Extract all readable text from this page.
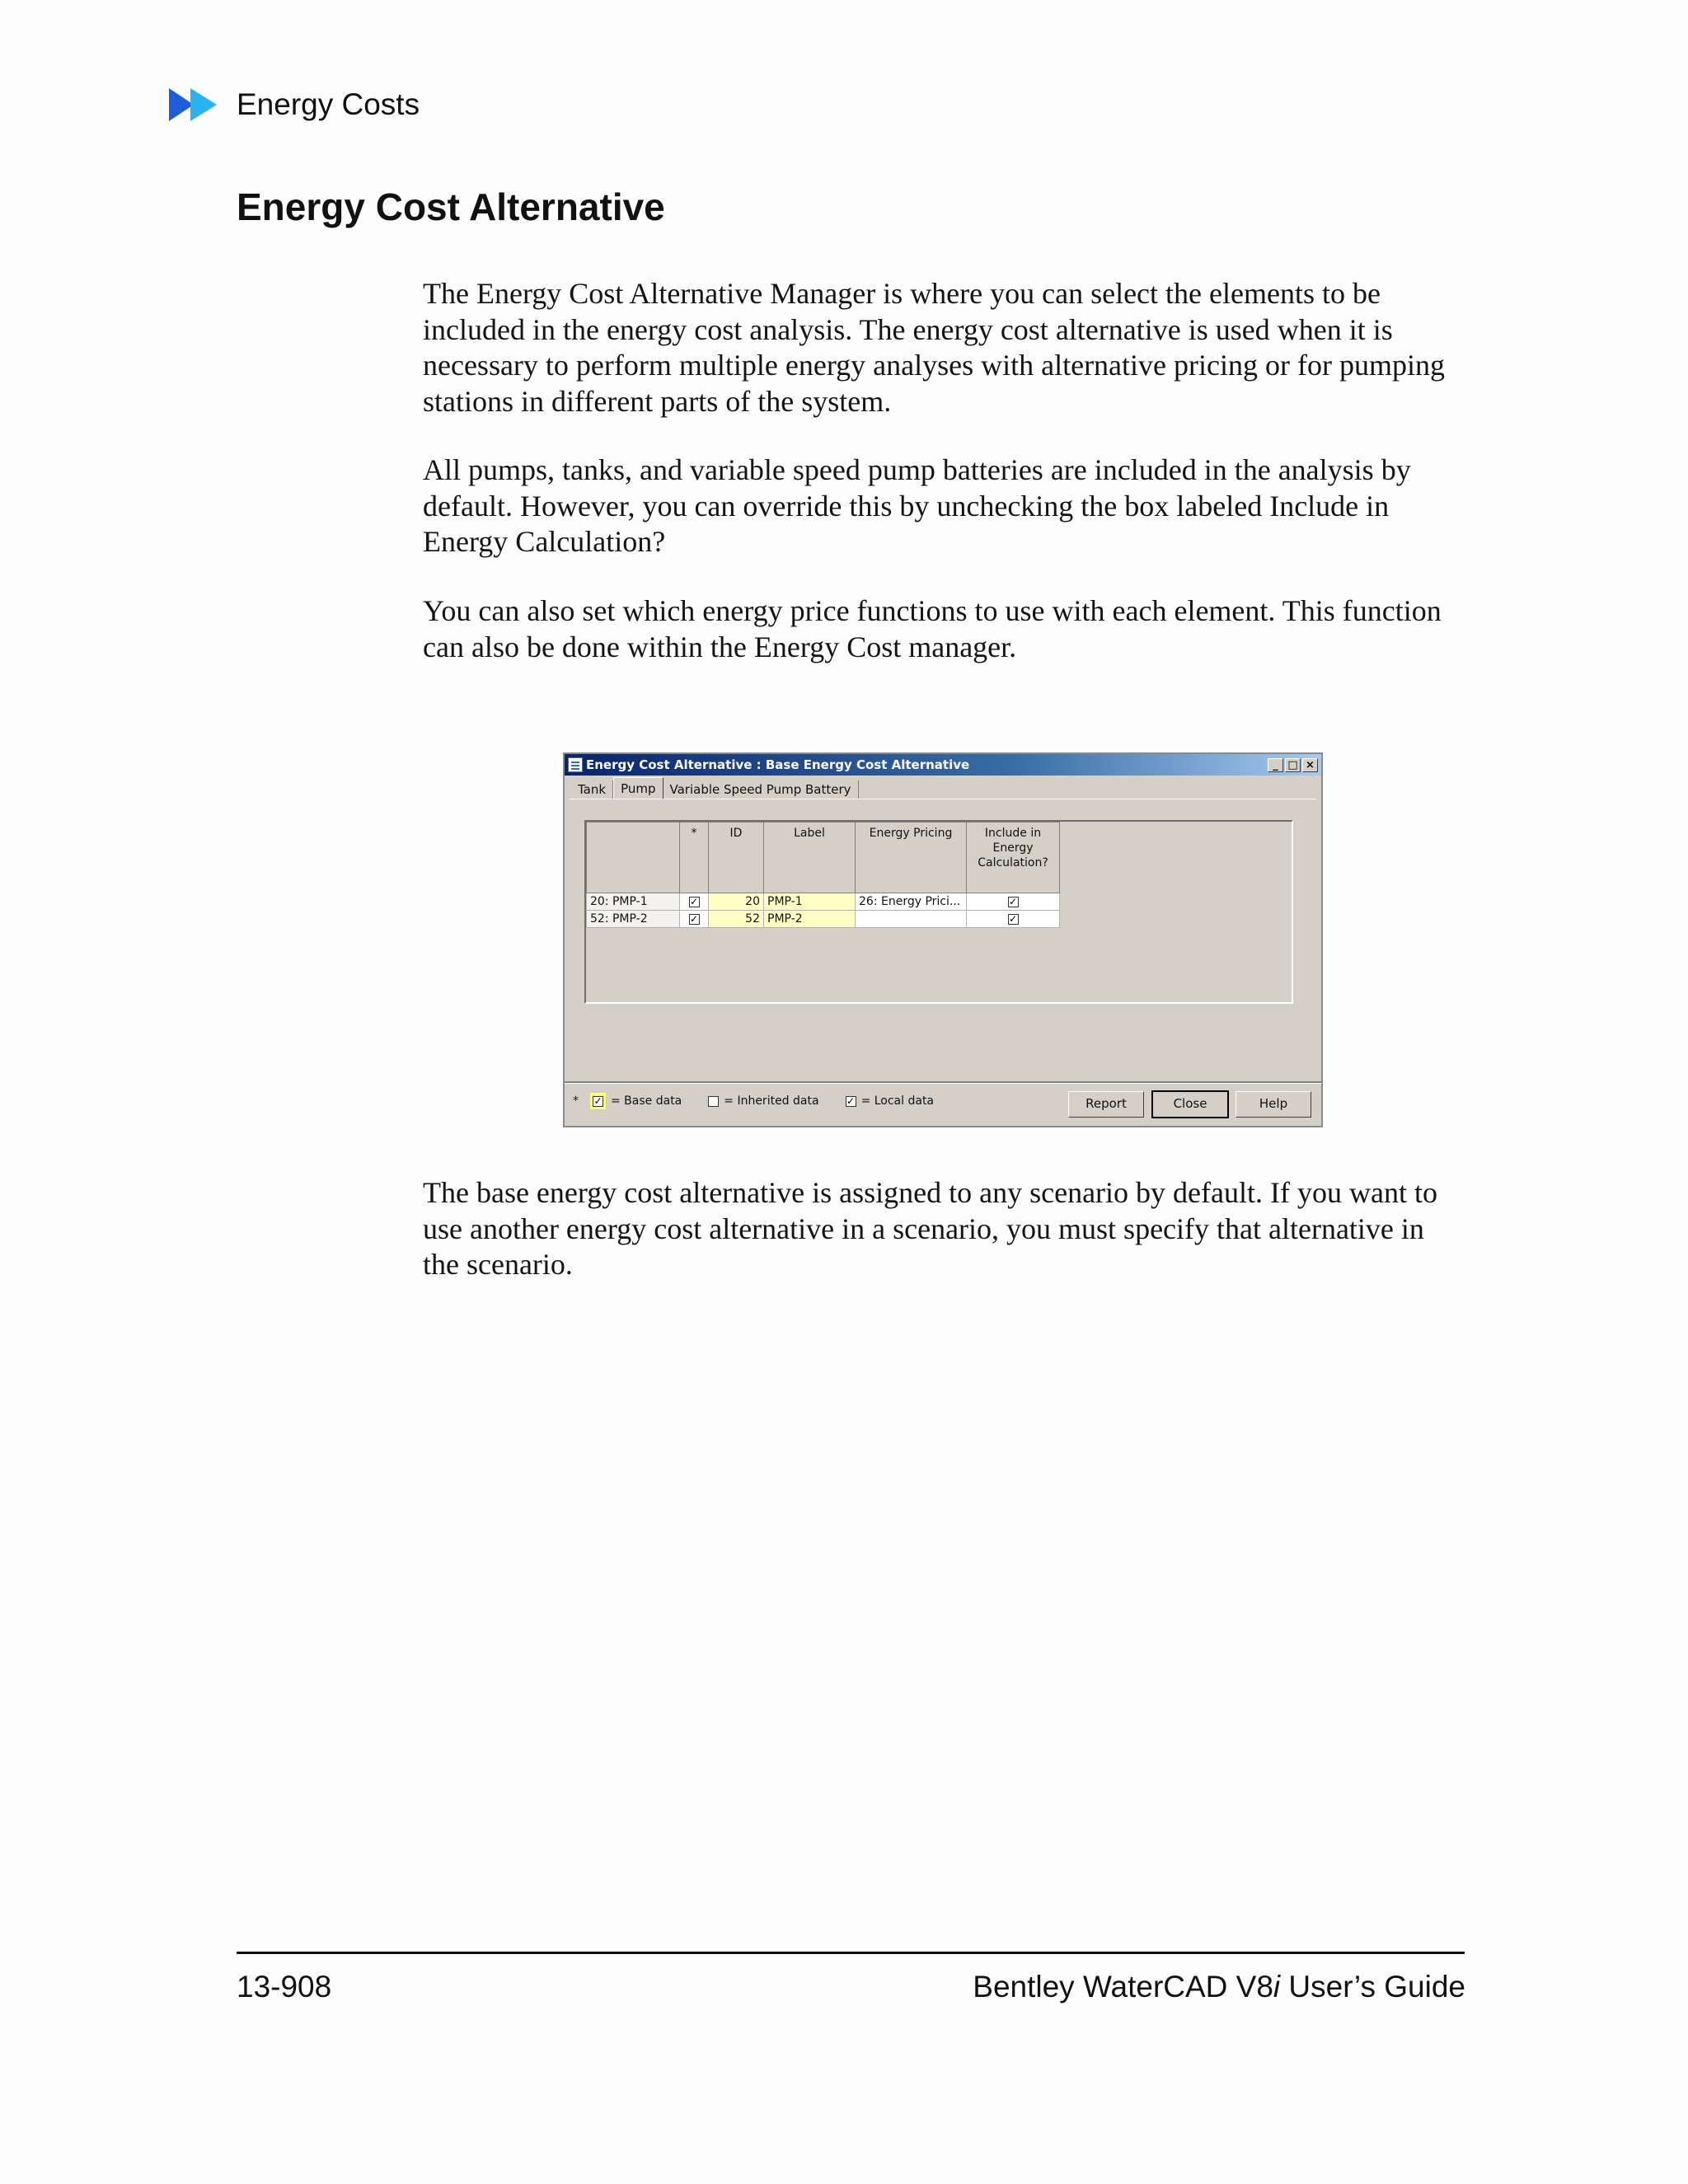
Energy Costs
Energy Cost Alternative

The Energy Cost Alternative Manager is where you can select the elements to be included in the energy cost analysis. The energy cost alternative is used when it is necessary to perform multiple energy analyses with alternative pricing or for pumping stations in different parts of the system.

All pumps, tanks, and variable speed pump batteries are included in the analysis by default. However, you can override this by unchecking the box labeled Include in Energy Calculation?

You can also set which energy price functions to use with each element. This function can also be done within the Energy Cost manager.

Energy Cost Alternative : Base Energy Cost Alternative	_ □ ×
Tank	Pump	Variable Speed Pump Battery
	*	ID	Label	Energy Pricing	Include in Energy Calculation?
20: PMP-1	✓	20	PMP-1	26: Energy Prici...	✓
52: PMP-2	✓	52	PMP-2		✓
*	✓ = Base data	= Inherited data	✓ = Local data	Report	Close	Help

The base energy cost alternative is assigned to any scenario by default. If you want to use another energy cost alternative in a scenario, you must specify that alternative in the scenario.

13-908	Bentley WaterCAD V8i User’s Guide
